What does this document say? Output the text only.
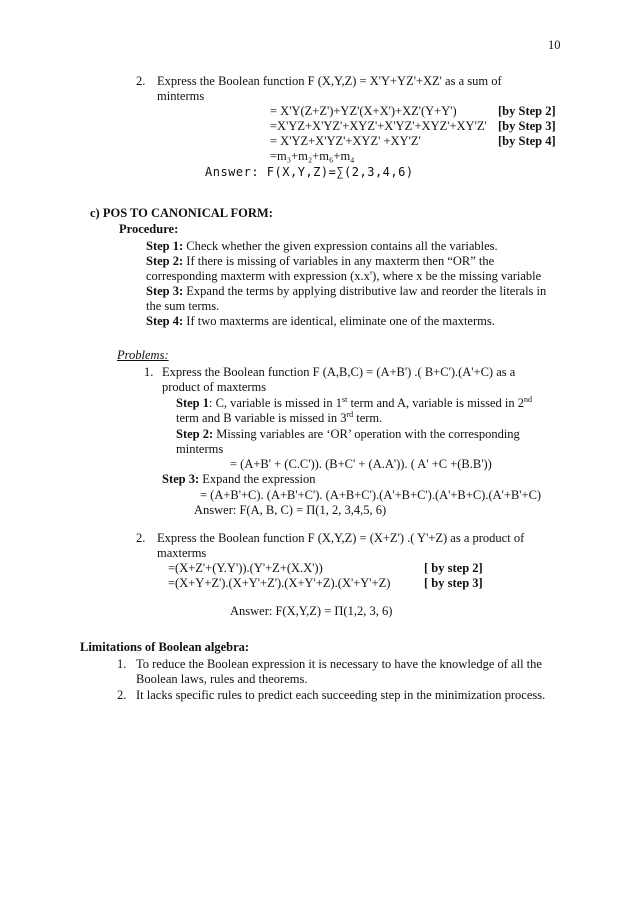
10
2. Express the Boolean function F (X,Y,Z) = X'Y+YZ'+XZ' as a sum of
minterms
= X'Y(Z+Z')+YZ'(X+X')+XZ'(Y+Y')	[by Step 2]
=X'YZ+X'YZ'+XYZ'+X'YZ'+XYZ'+XY'Z' [by Step 3]
= X'YZ+X'YZ'+XYZ' +XY'Z'	[by Step 4]
=m₃+m₂+m₆+m₄
Answer: F(X,Y,Z)=∑(2,3,4,6)
c) POS TO CANONICAL FORM:
Procedure:
Step 1: Check whether the given expression contains all the variables.
Step 2: If there is missing of variables in any maxterm then “OR” the
corresponding maxterm with expression (x.x'), where x be the missing variable
Step 3: Expand the terms by applying distributive law and reorder the literals in
the sum terms.
Step 4: If two maxterms are identical, eliminate one of the maxterms.
Problems:
1. Express the Boolean function F (A,B,C) = (A+B') .( B+C').(A'+C) as a
product of maxterms
Step 1: C, variable is missed in 1st term and A, variable is missed in 2nd
term and B variable is missed in 3rd term.
Step 2: Missing variables are ‘OR’ operation with the corresponding
minterms
= (A+B' + (C.C')). (B+C' + (A.A')). ( A' +C +(B.B'))
Step 3: Expand the expression
= (A+B'+C). (A+B'+C'). (A+B+C').(A'+B+C').(A'+B+C).(A'+B'+C)
Answer: F(A, B, C) = Π(1, 2, 3,4,5, 6)
2. Express the Boolean function F (X,Y,Z) = (X+Z') .( Y'+Z) as a product of
maxterms
=(X+Z'+(Y.Y')).(Y'+Z+(X.X'))	[ by step 2]
=(X+Y+Z').(X+Y'+Z').(X+Y'+Z).(X'+Y'+Z)	[ by step 3]
Answer: F(X,Y,Z) = Π(1,2, 3, 6)
Limitations of Boolean algebra:
1. To reduce the Boolean expression it is necessary to have the knowledge of all the
Boolean laws, rules and theorems.
2. It lacks specific rules to predict each succeeding step in the minimization process.
